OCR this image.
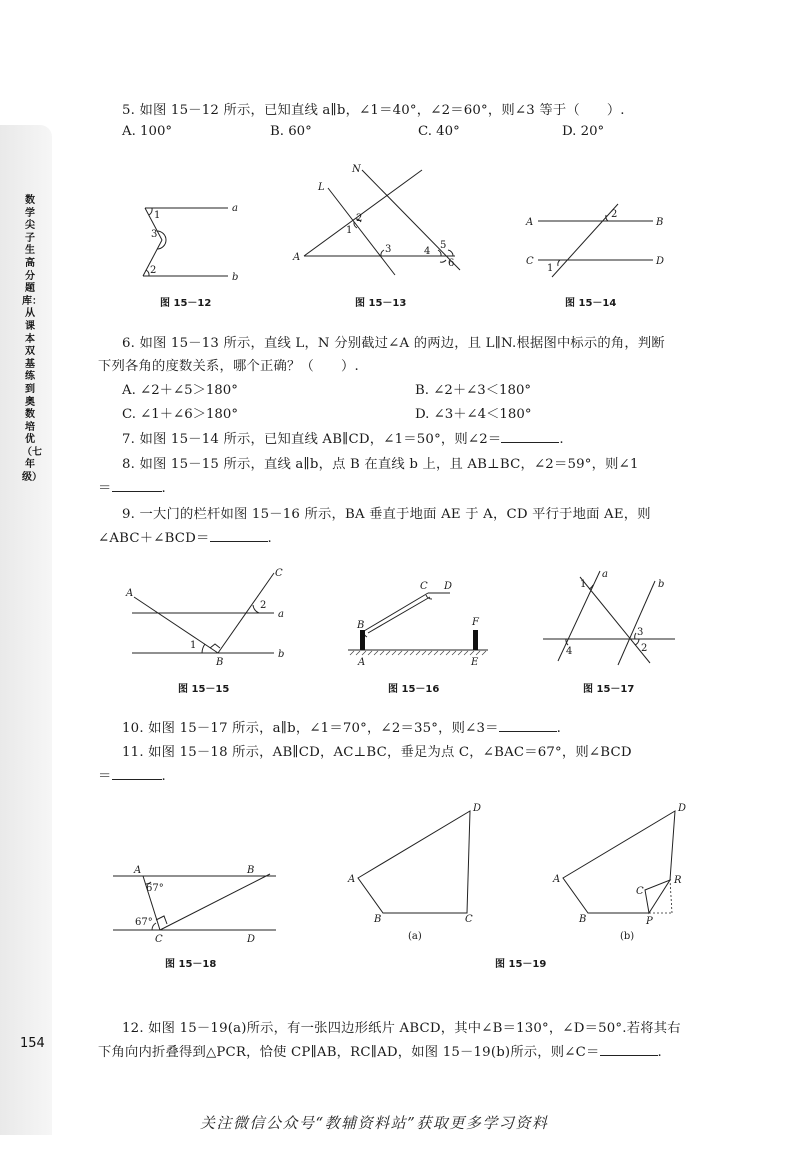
数学尖子生高分题库：从课本双基练到奥数培优（七年级）
154
5. 如图 15－12 所示，已知直线 a∥b，∠1＝40°，∠2＝60°，则∠3 等于（　　）.
A. 100°	B. 60°	C. 40°	D. 20°
a
b
1
2
3
图 15－12
A
L
N
1
2
3	4
5
6
图 15－13
A	B
C	D
1
2
图 15－14
6. 如图 15－13 所示，直线 L，N 分别截过∠A 的两边，且 L∥N.根据图中标示的角，判断
下列各角的度数关系，哪个正确？（　　）.
A. ∠2＋∠5＞180°	B. ∠2＋∠3＜180°
C. ∠1＋∠6＞180°	D. ∠3＋∠4＜180°
7. 如图 15－14 所示，已知直线 AB∥CD，∠1＝50°，则∠2＝	.
8. 如图 15－15 所示，直线 a∥b，点 B 在直线 b 上，且 AB⊥BC，∠2＝59°，则∠1
＝	.
9. 一大门的栏杆如图 15－16 所示，BA 垂直于地面 AE 于 A，CD 平行于地面 AE，则
∠ABC＋∠BCD＝	.
A
B
C
a
b
1
2
图 15－15
A
B
C D
E
F
图 15－16
a
b
1
2
3
4
图 15－17
10. 如图 15－17 所示，a∥b，∠1＝70°，∠2＝35°，则∠3＝	.
11. 如图 15－18 所示，AB∥CD，AC⊥BC，垂足为点 C，∠BAC＝67°，则∠BCD
＝	.
A	B
C	D
67°
67°
图 15－18
A
B	C
D
(a)
A
B
C
D
P
R
(b)
图 15－19
12. 如图 15－19(a)所示，有一张四边形纸片 ABCD，其中∠B＝130°，∠D＝50°.若将其右
下角向内折叠得到△PCR，恰使 CP∥AB，RC∥AD，如图 15－19(b)所示，则∠C＝	.
关注微信公众号“教辅资料站”获取更多学习资料
